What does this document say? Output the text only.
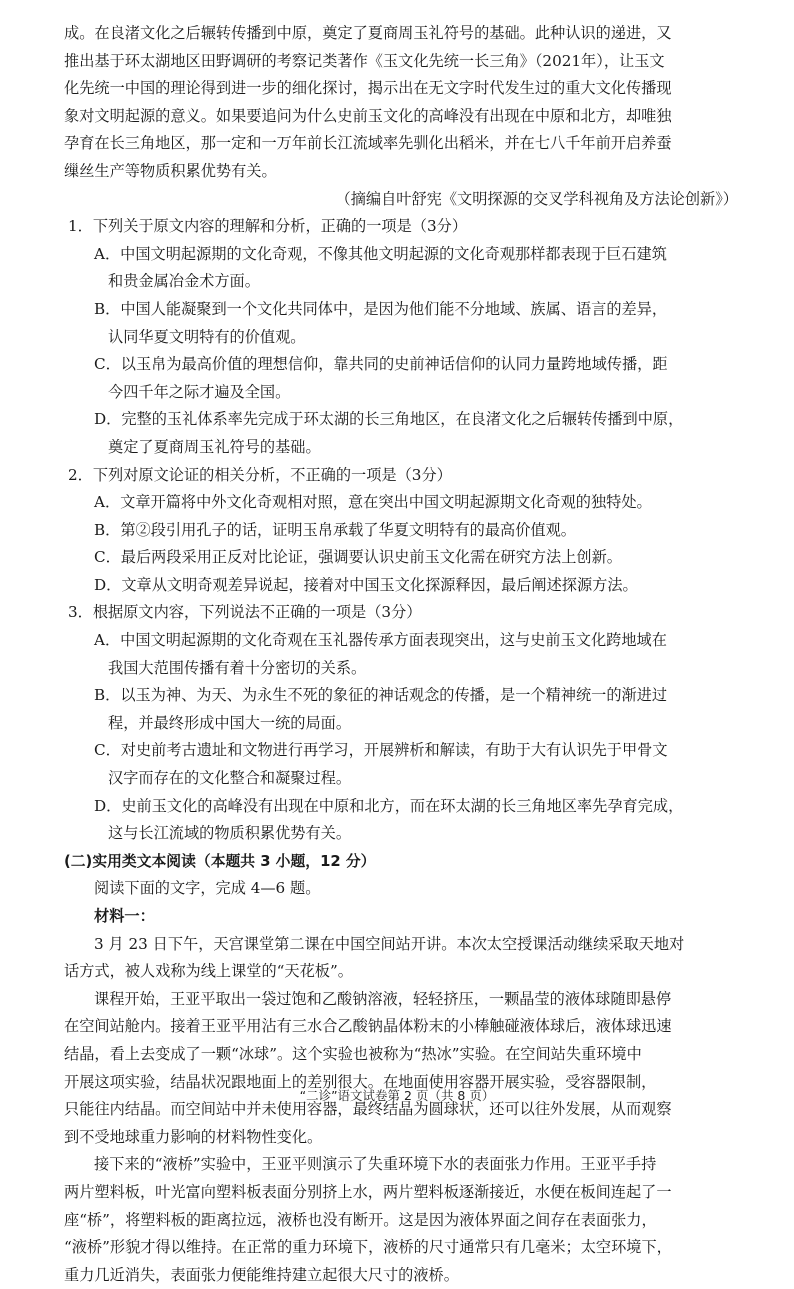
成。在良渚文化之后辗转传播到中原，奠定了夏商周玉礼符号的基础。此种认识的递进，又
推出基于环太湖地区田野调研的考察记类著作《玉文化先统一长三角》（2021年），让玉文
化先统一中国的理论得到进一步的细化探讨，揭示出在无文字时代发生过的重大文化传播现
象对文明起源的意义。如果要追问为什么史前玉文化的高峰没有出现在中原和北方，却唯独
孕育在长三角地区，那一定和一万年前长江流域率先驯化出稻米，并在七八千年前开启养蚕
缫丝生产等物质积累优势有关。
（摘编自叶舒宪《文明探源的交叉学科视角及方法论创新》）
1．下列关于原文内容的理解和分析，正确的一项是（3分）
A．中国文明起源期的文化奇观，不像其他文明起源的文化奇观那样都表现于巨石建筑
和贵金属冶金术方面。
B．中国人能凝聚到一个文化共同体中，是因为他们能不分地域、族属、语言的差异，
认同华夏文明特有的价值观。
C．以玉帛为最高价值的理想信仰，靠共同的史前神话信仰的认同力量跨地域传播，距
今四千年之际才遍及全国。
D．完整的玉礼体系率先完成于环太湖的长三角地区，在良渚文化之后辗转传播到中原，
奠定了夏商周玉礼符号的基础。
2．下列对原文论证的相关分析，不正确的一项是（3分）
A．文章开篇将中外文化奇观相对照，意在突出中国文明起源期文化奇观的独特处。
B．第②段引用孔子的话，证明玉帛承载了华夏文明特有的最高价值观。
C．最后两段采用正反对比论证，强调要认识史前玉文化需在研究方法上创新。
D．文章从文明奇观差异说起，接着对中国玉文化探源释因，最后阐述探源方法。
3．根据原文内容，下列说法不正确的一项是（3分）
A．中国文明起源期的文化奇观在玉礼器传承方面表现突出，这与史前玉文化跨地域在
我国大范围传播有着十分密切的关系。
B．以玉为神、为天、为永生不死的象征的神话观念的传播，是一个精神统一的渐进过
程，并最终形成中国大一统的局面。
C．对史前考古遗址和文物进行再学习，开展辨析和解读，有助于大有认识先于甲骨文
汉字而存在的文化整合和凝聚过程。
D．史前玉文化的高峰没有出现在中原和北方，而在环太湖的长三角地区率先孕育完成，
这与长江流域的物质积累优势有关。
(二)实用类文本阅读（本题共 3 小题，12 分）
阅读下面的文字，完成 4—6 题。
材料一：
3 月 23 日下午，天宫课堂第二课在中国空间站开讲。本次太空授课活动继续采取天地对
话方式，被人戏称为线上课堂的“天花板”。
课程开始，王亚平取出一袋过饱和乙酸钠溶液，轻轻挤压，一颗晶莹的液体球随即悬停
在空间站舱内。接着王亚平用沾有三水合乙酸钠晶体粉末的小棒触碰液体球后，液体球迅速
结晶，看上去变成了一颗“冰球”。这个实验也被称为“热冰”实验。在空间站失重环境中
开展这项实验，结晶状况跟地面上的差别很大。在地面使用容器开展实验，受容器限制，
只能往内结晶。而空间站中并未使用容器，最终结晶为圆球状，还可以往外发展，从而观察
到不受地球重力影响的材料物性变化。
接下来的“液桥”实验中，王亚平则演示了失重环境下水的表面张力作用。王亚平手持
两片塑料板，叶光富向塑料板表面分别挤上水，两片塑料板逐渐接近，水便在板间连起了一
座“桥”，将塑料板的距离拉远，液桥也没有断开。这是因为液体界面之间存在表面张力，
“液桥”形貌才得以维持。在正常的重力环境下，液桥的尺寸通常只有几毫米；太空环境下，
重力几近消失，表面张力便能维持建立起很大尺寸的液桥。
“二诊”语文试卷第 2 页（共 8 页）
